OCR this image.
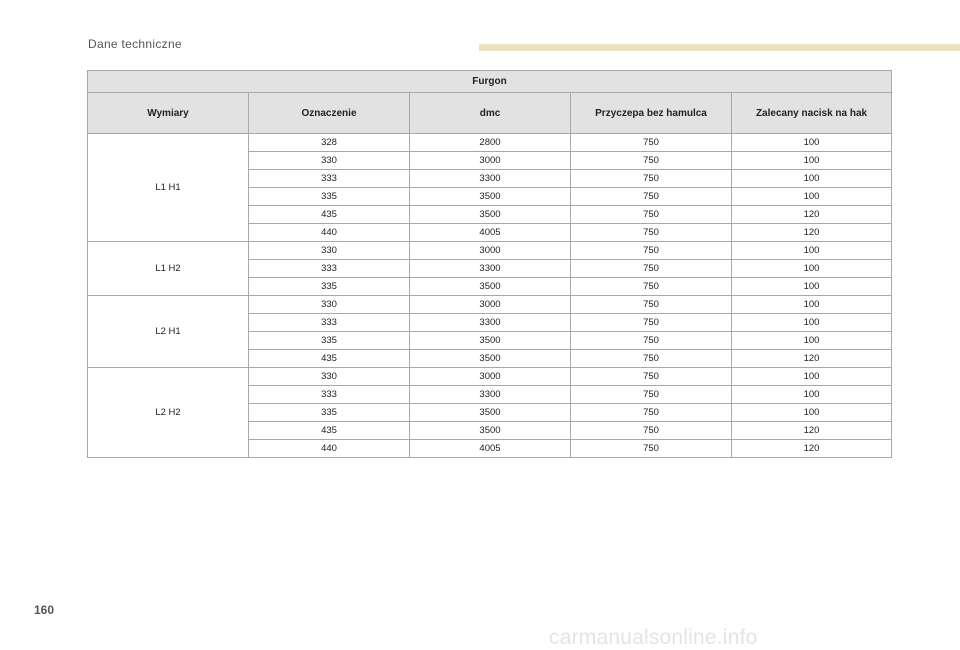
Dane techniczne
Furgon				
Wymiary	Oznaczenie	dmc	Przyczepa bez hamulca	Zalecany nacisk na hak
L1 H1	328	2800	750	100
	330	3000	750	100
	333	3300	750	100
	335	3500	750	100
	435	3500	750	120
	440	4005	750	120
L1 H2	330	3000	750	100
	333	3300	750	100
	335	3500	750	100
L2 H1	330	3000	750	100
	333	3300	750	100
	335	3500	750	100
	435	3500	750	120
L2 H2	330	3000	750	100
	333	3300	750	100
	335	3500	750	100
	435	3500	750	120
	440	4005	750	120
160
carmanualsonline.info
